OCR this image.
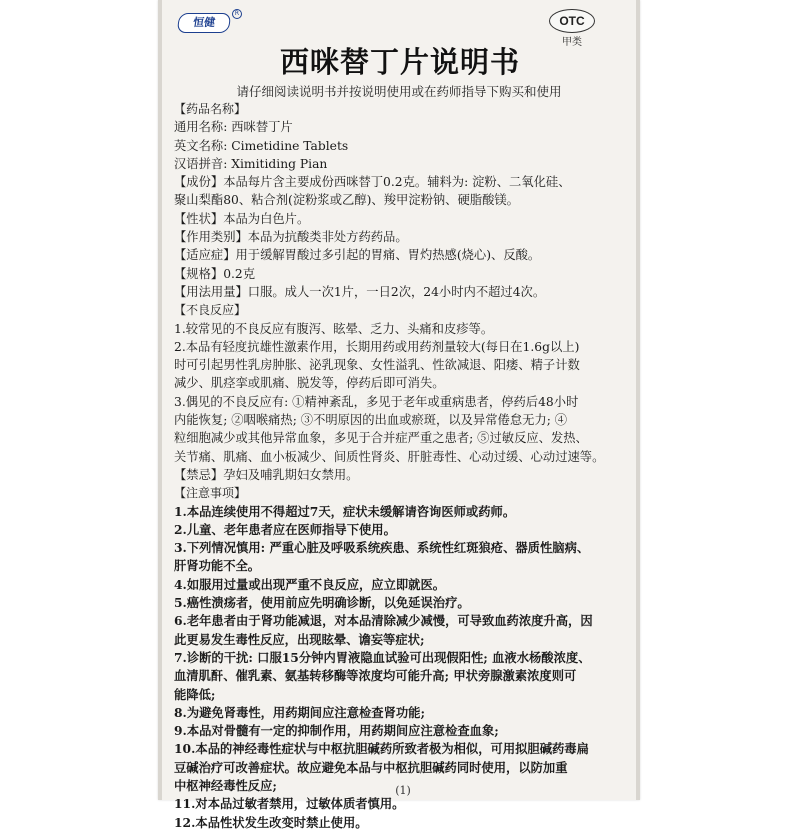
恒健
R
OTC
甲类
西咪替丁片说明书
请仔细阅读说明书并按说明使用或在药师指导下购买和使用
【药品名称】
通用名称: 西咪替丁片
英文名称: Cimetidine Tablets
汉语拼音: Ximitiding Pian
【成份】本品每片含主要成份西咪替丁0.2克。辅料为: 淀粉、二氧化硅、
聚山梨酯80、粘合剂(淀粉浆或乙醇)、羧甲淀粉钠、硬脂酸镁。
【性状】本品为白色片。
【作用类别】本品为抗酸类非处方药药品。
【适应症】用于缓解胃酸过多引起的胃痛、胃灼热感(烧心)、反酸。
【规格】0.2克
【用法用量】口服。成人一次1片，一日2次，24小时内不超过4次。
【不良反应】
1.较常见的不良反应有腹泻、眩晕、乏力、头痛和皮疹等。
2.本品有轻度抗雄性激素作用，长期用药或用药剂量较大(每日在1.6g以上)
时可引起男性乳房肿胀、泌乳现象、女性溢乳、性欲减退、阳痿、精子计数
减少、肌痉挛或肌痛、脱发等，停药后即可消失。
3.偶见的不良反应有: ①精神紊乱，多见于老年或重病患者，停药后48小时
内能恢复; ②咽喉痛热; ③不明原因的出血或瘀斑，以及异常倦怠无力; ④
粒细胞减少或其他异常血象，多见于合并症严重之患者; ⑤过敏反应、发热、
关节痛、肌痛、血小板减少、间质性肾炎、肝脏毒性、心动过缓、心动过速等。
【禁忌】孕妇及哺乳期妇女禁用。
【注意事项】
1.本品连续使用不得超过7天，症状未缓解请咨询医师或药师。
2.儿童、老年患者应在医师指导下使用。
3.下列情况慎用: 严重心脏及呼吸系统疾患、系统性红斑狼疮、器质性脑病、
肝肾功能不全。
4.如服用过量或出现严重不良反应，应立即就医。
5.癌性溃疡者，使用前应先明确诊断，以免延误治疗。
6.老年患者由于肾功能减退，对本品清除减少减慢，可导致血药浓度升高，因
此更易发生毒性反应，出现眩晕、谵妄等症状;
7.诊断的干扰: 口服15分钟内胃液隐血试验可出现假阳性; 血液水杨酸浓度、
血清肌酐、催乳素、氨基转移酶等浓度均可能升高; 甲状旁腺激素浓度则可
能降低;
8.为避免肾毒性，用药期间应注意检查肾功能;
9.本品对骨髓有一定的抑制作用，用药期间应注意检查血象;
10.本品的神经毒性症状与中枢抗胆碱药所致者极为相似，可用拟胆碱药毒扁
豆碱治疗可改善症状。故应避免本品与中枢抗胆碱药同时使用，以防加重
中枢神经毒性反应;
11.对本品过敏者禁用，过敏体质者慎用。
12.本品性状发生改变时禁止使用。
(1)
